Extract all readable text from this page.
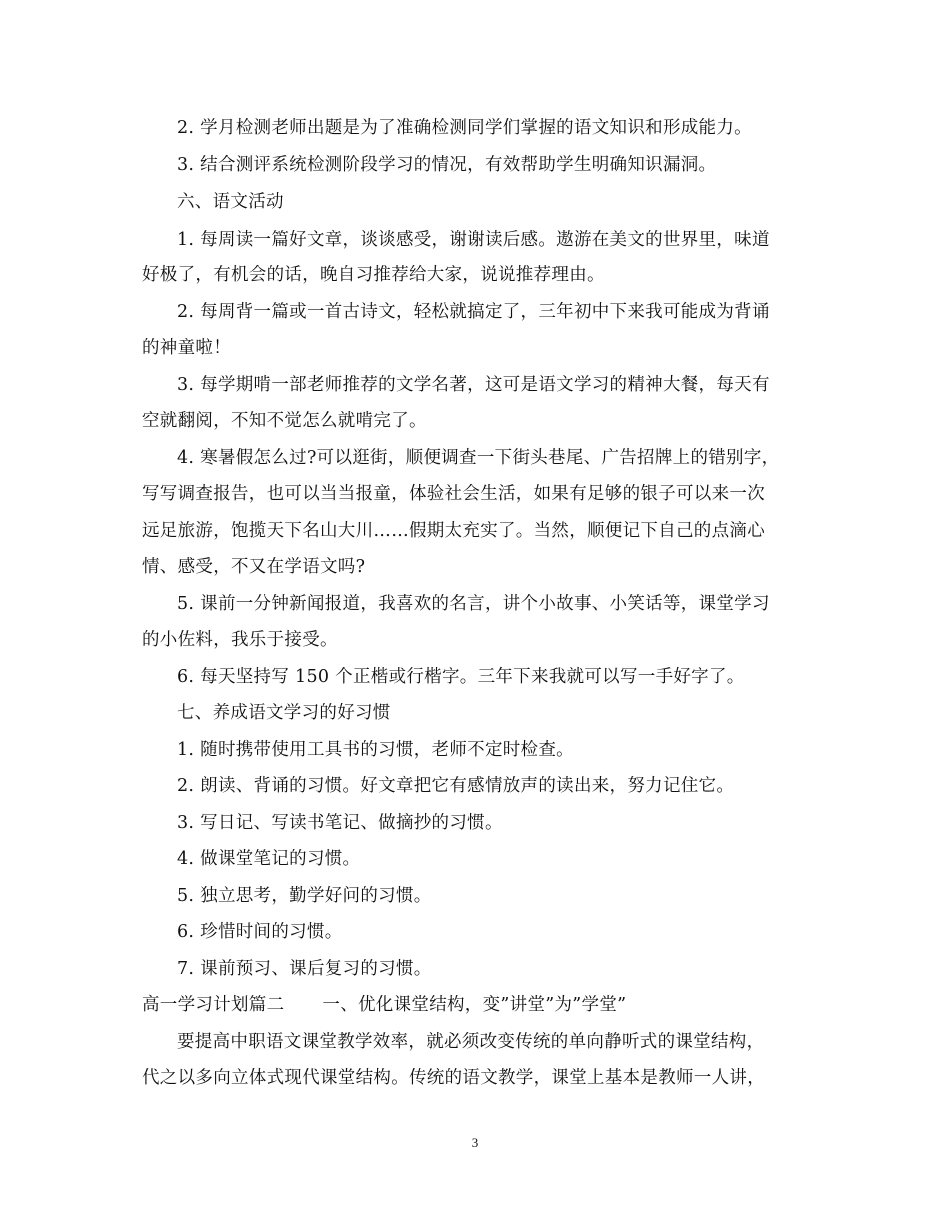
2. 学月检测老师出题是为了准确检测同学们掌握的语文知识和形成能力。
3. 结合测评系统检测阶段学习的情况，有效帮助学生明确知识漏洞。
六、语文活动
1. 每周读一篇好文章，谈谈感受，谢谢读后感。遨游在美文的世界里，味道
好极了，有机会的话，晚自习推荐给大家，说说推荐理由。
2. 每周背一篇或一首古诗文，轻松就搞定了，三年初中下来我可能成为背诵
的神童啦！
3. 每学期啃一部老师推荐的文学名著，这可是语文学习的精神大餐，每天有
空就翻阅，不知不觉怎么就啃完了。
4. 寒暑假怎么过?可以逛街，顺便调查一下街头巷尾、广告招牌上的错别字，
写写调查报告，也可以当当报童，体验社会生活，如果有足够的银子可以来一次
远足旅游，饱揽天下名山大川……假期太充实了。当然，顺便记下自己的点滴心
情、感受，不又在学语文吗?
5. 课前一分钟新闻报道，我喜欢的名言，讲个小故事、小笑话等，课堂学习
的小佐料，我乐于接受。
6. 每天坚持写 150 个正楷或行楷字。三年下来我就可以写一手好字了。
七、养成语文学习的好习惯
1. 随时携带使用工具书的习惯，老师不定时检查。
2. 朗读、背诵的习惯。好文章把它有感情放声的读出来，努力记住它。
3. 写日记、写读书笔记、做摘抄的习惯。
4. 做课堂笔记的习惯。
5. 独立思考，勤学好问的习惯。
6. 珍惜时间的习惯。
7. 课前预习、课后复习的习惯。
高一学习计划篇二 一、优化课堂结构，变”讲堂”为”学堂”
要提高中职语文课堂教学效率，就必须改变传统的单向静听式的课堂结构，
代之以多向立体式现代课堂结构。传统的语文教学，课堂上基本是教师一人讲，
3
